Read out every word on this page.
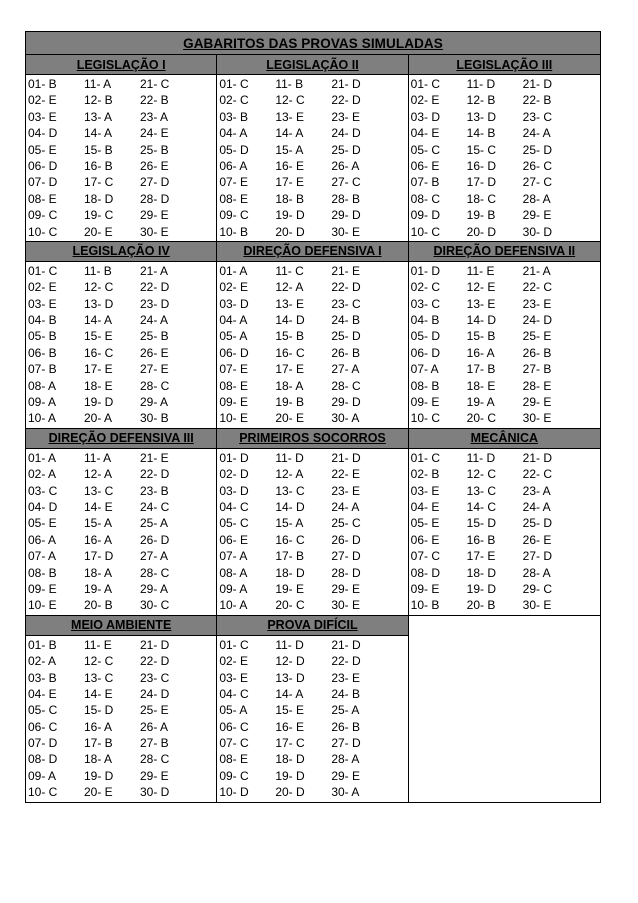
GABARITOS DAS PROVAS SIMULADAS
LEGISLAÇÃO I
01- B
02- E
03- E
04- D
05- E
06- D
07- D
08- E
09- C
10- C
11- A
12- B
13- A
14- A
15- B
16- B
17- C
18- D
19- C
20- E
21- C
22- B
23- A
24- E
25- B
26- E
27- D
28- D
29- E
30- E
LEGISLAÇÃO II
01- C
02- C
03- B
04- A
05- D
06- A
07- E
08- E
09- C
10- B
11- B
12- C
13- E
14- A
15- A
16- E
17- E
18- B
19- D
20- D
21- D
22- D
23- E
24- D
25- D
26- A
27- C
28- B
29- D
30- E
LEGISLAÇÃO III
01- C
02- E
03- D
04- E
05- C
06- E
07- B
08- C
09- D
10- C
11- D
12- B
13- D
14- B
15- C
16- D
17- D
18- C
19- B
20- D
21- D
22- B
23- C
24- A
25- D
26- C
27- C
28- A
29- E
30- D
LEGISLAÇÃO IV
01- C
02- E
03- E
04- B
05- B
06- B
07- B
08- A
09- A
10- A
11- B
12- C
13- D
14- A
15- E
16- C
17- E
18- E
19- D
20- A
21- A
22- D
23- D
24- A
25- B
26- E
27- E
28- C
29- A
30- B
DIREÇÃO DEFENSIVA I
01- A
02- E
03- D
04- A
05- A
06- D
07- E
08- E
09- E
10- E
11- C
12- A
13- E
14- D
15- B
16- C
17- E
18- A
19- B
20- E
21- E
22- D
23- C
24- B
25- D
26- B
27- A
28- C
29- D
30- A
DIREÇÃO DEFENSIVA II
01- D
02- C
03- C
04- B
05- D
06- D
07- A
08- B
09- E
10- C
11- E
12- E
13- E
14- D
15- B
16- A
17- B
18- E
19- A
20- C
21- A
22- C
23- E
24- D
25- E
26- B
27- B
28- E
29- E
30- E
DIREÇÃO DEFENSIVA III
01- A
02- A
03- C
04- D
05- E
06- A
07- A
08- B
09- E
10- E
11- A
12- A
13- C
14- E
15- A
16- A
17- D
18- A
19- A
20- B
21- E
22- D
23- B
24- C
25- A
26- D
27- A
28- C
29- A
30- C
PRIMEIROS SOCORROS
01- D
02- D
03- D
04- C
05- C
06- E
07- A
08- A
09- A
10- A
11- D
12- A
13- C
14- D
15- A
16- C
17- B
18- D
19- E
20- C
21- D
22- E
23- E
24- A
25- C
26- D
27- D
28- D
29- E
30- E
MECÂNICA
01- C
02- B
03- E
04- E
05- E
06- E
07- C
08- D
09- E
10- B
11- D
12- C
13- C
14- C
15- D
16- B
17- E
18- D
19- D
20- B
21- D
22- C
23- A
24- A
25- D
26- E
27- D
28- A
29- C
30- E
MEIO AMBIENTE
01- B
02- A
03- B
04- E
05- C
06- C
07- D
08- D
09- A
10- C
11- E
12- C
13- C
14- E
15- D
16- A
17- B
18- A
19- D
20- E
21- D
22- D
23- C
24- D
25- E
26- A
27- B
28- C
29- E
30- D
PROVA DIFÍCIL
01- C
02- E
03- E
04- C
05- A
06- C
07- C
08- E
09- C
10- D
11- D
12- D
13- D
14- A
15- E
16- E
17- C
18- D
19- D
20- D
21- D
22- D
23- E
24- B
25- A
26- B
27- D
28- A
29- E
30- A
